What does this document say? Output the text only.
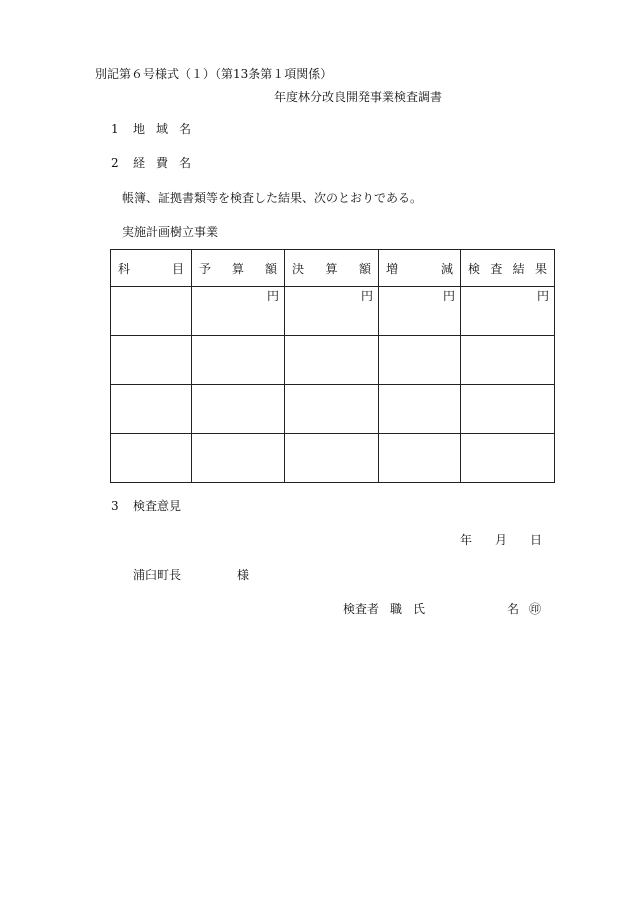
別記第６号様式（１）（第13条第１項関係）
年度林分改良開発事業検査調書
1 地 域 名
2 経 費 名
帳簿、証拠書類等を検査した結果、次のとおりである。
実施計画樹立事業
科 目	予 算 額	決 算 額	増 減	検 査 結 果

	円	円	円	円

3 検査意見
年 月 日
浦臼町長	様
検査者 職 氏	名 ㊞
